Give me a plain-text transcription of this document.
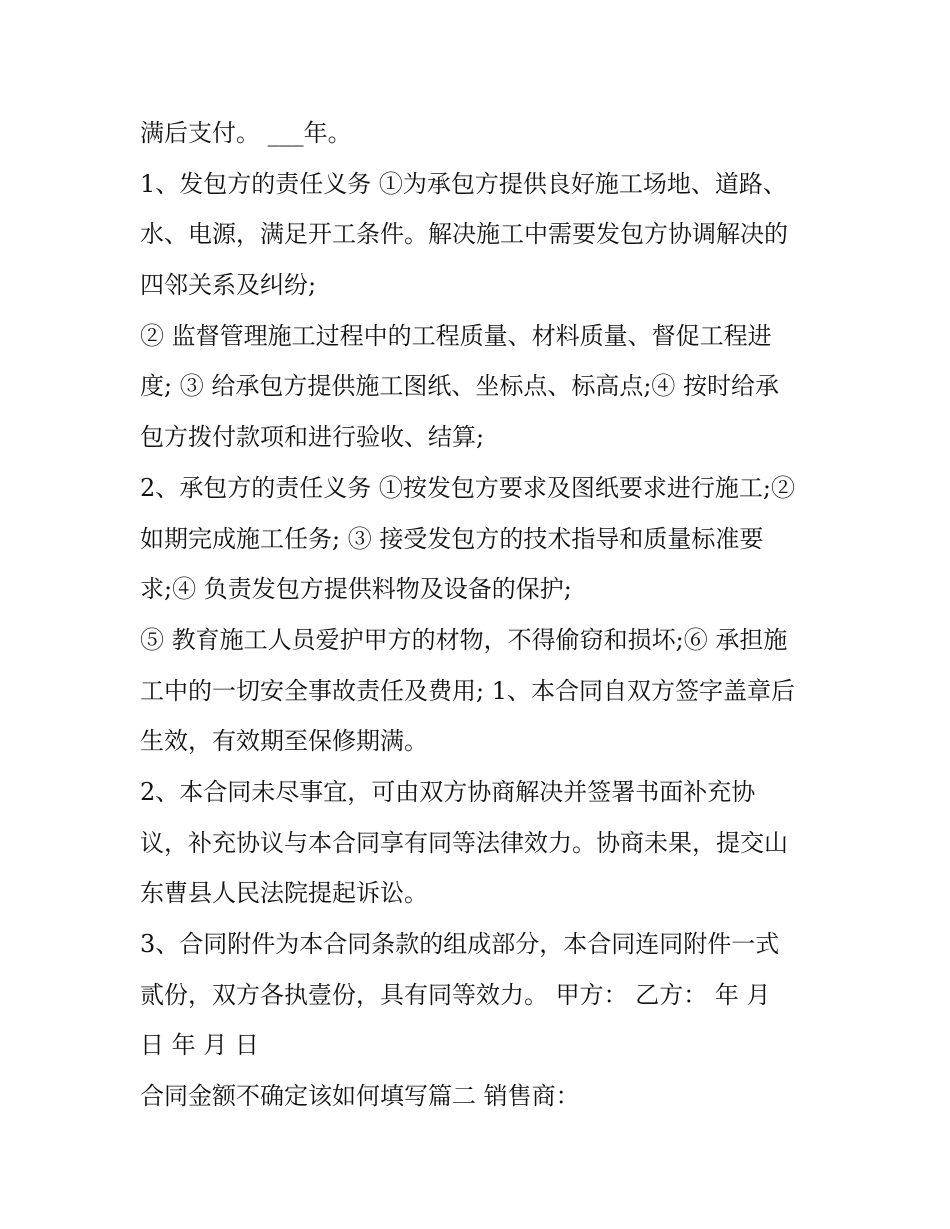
满后支付。 ___年。

1、发包方的责任义务 ①为承包方提供良好施工场地、道路、

水、电源，满足开工条件。解决施工中需要发包方协调解决的

四邻关系及纠纷;

② 监督管理施工过程中的工程质量、材料质量、督促工程进

度; ③ 给承包方提供施工图纸、坐标点、标高点;④ 按时给承

包方拨付款项和进行验收、结算;

2、承包方的责任义务 ①按发包方要求及图纸要求进行施工;②

如期完成施工任务; ③ 接受发包方的技术指导和质量标准要

求;④ 负责发包方提供料物及设备的保护;

⑤ 教育施工人员爱护甲方的材物，不得偷窃和损坏;⑥ 承担施

工中的一切安全事故责任及费用; 1、本合同自双方签字盖章后

生效，有效期至保修期满。

2、本合同未尽事宜，可由双方协商解决并签署书面补充协

议，补充协议与本合同享有同等法律效力。协商未果，提交山

东曹县人民法院提起诉讼。

3、合同附件为本合同条款的组成部分，本合同连同附件一式

贰份，双方各执壹份，具有同等效力。 甲方： 乙方： 年 月

日 年 月 日

合同金额不确定该如何填写篇二 销售商：
